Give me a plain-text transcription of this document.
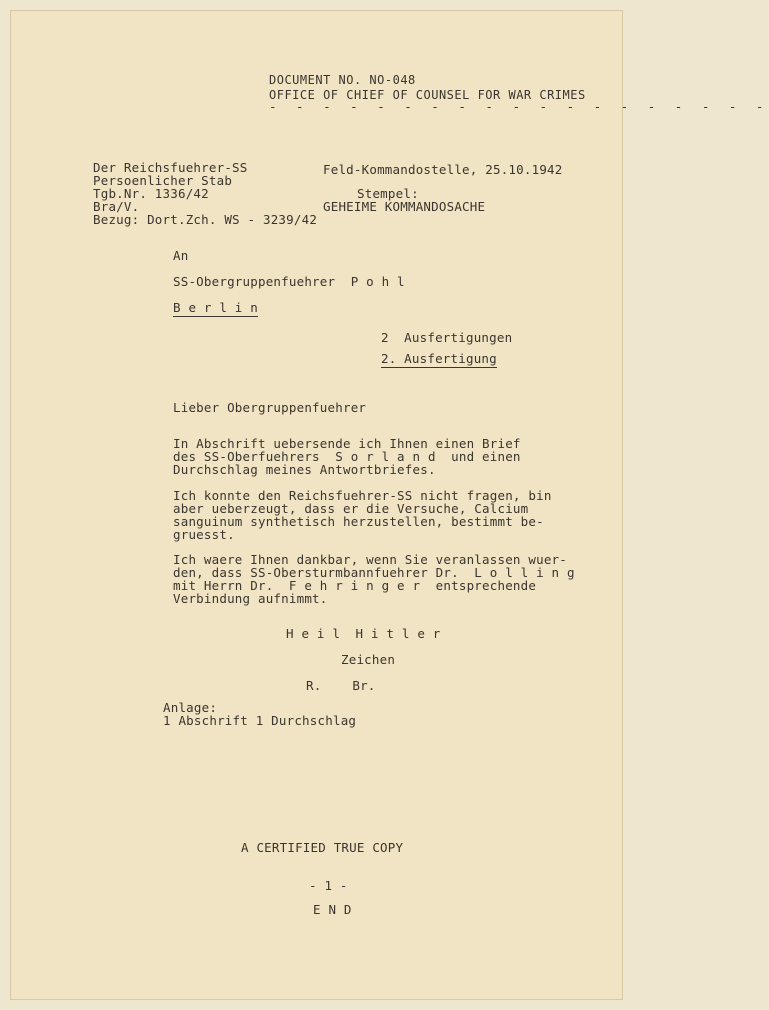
DOCUMENT NO. NO-048
OFFICE OF CHIEF OF COUNSEL FOR WAR CRIMES
- - - - - - - - - - - - - - - - - - -
Der Reichsfuehrer-SS
Persoenlicher Stab
Tgb.Nr. 1336/42
Bra/V.
Bezug: Dort.Zch. WS - 3239/42
Feld-Kommandostelle, 25.10.1942
Stempel:
GEHEIME KOMMANDOSACHE
An
SS-Obergruppenfuehrer  P o h l
B e r l i n
2  Ausfertigungen
2. Ausfertigung
Lieber Obergruppenfuehrer
In Abschrift uebersende ich Ihnen einen Brief
des SS-Oberfuehrers  S o r l a n d  und einen
Durchschlag meines Antwortbriefes.
Ich konnte den Reichsfuehrer-SS nicht fragen, bin
aber ueberzeugt, dass er die Versuche, Calcium
sanguinum synthetisch herzustellen, bestimmt be-
gruesst.
Ich waere Ihnen dankbar, wenn Sie veranlassen wuer-
den, dass SS-Obersturmbannfuehrer Dr.  L o l l i n g
mit Herrn Dr.  F e h r i n g e r  entsprechende
Verbindung aufnimmt.
H e i l  H i t l e r
Zeichen
R.    Br.
Anlage:
1 Abschrift 1 Durchschlag
A CERTIFIED TRUE COPY
- 1 -
E N D
